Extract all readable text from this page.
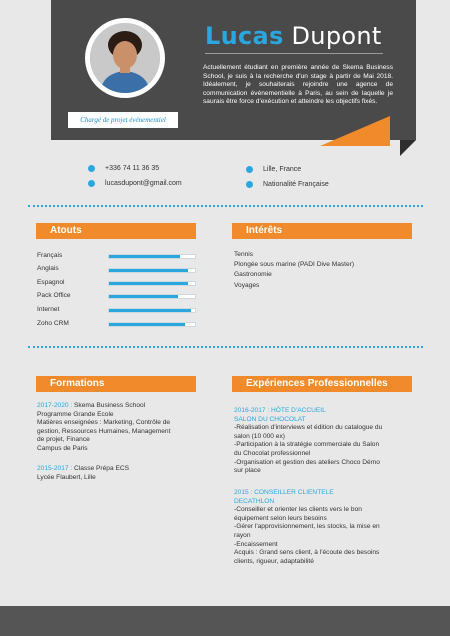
Chargé de projet événementiel
Lucas Dupont
Actuellement étudiant en première année de Skema Business School, je suis à la recherche d'un stage à partir de Mai 2018. Idéalement, je souhaiterais rejoindre une agence de communication événementielle à Paris, au sein de laquelle je saurais être force d'exécution et atteindre les objectifs fixés.
+336 74 11 36 35
lucasdupont@gmail.com
Lille, France
Nationalité Française
Atouts
Français
Anglais
Espagnol
Pack Office
Internet
Zoho CRM
Intérêts
Tennis
Plongée sous marine (PADI Dive Master)
Gastronomie
Voyages
Formations
2017-2020 : Skema Business School
Programme Grande Ecole
Matières enseignées : Marketing, Contrôle de
gestion, Ressources Humaines, Management
de projet, Finance
Campus de Paris
2015-2017 : Classe Prépa ECS
Lycée Flaubert, Lille
Expériences Professionnelles
2016-2017 : HÔTE D'ACCUEIL
SALON DU CHOCOLAT
-Réalisation d'interviews et édition du catalogue du
salon (10 000 ex)
-Participation à la stratégie commerciale du Salon
du Chocolat professionnel
-Organisation et gestion des ateliers Choco Démo
sur place
2015 : CONSEILLER CLIENTELE
DECATHLON
-Conseiller et orienter les clients vers le bon
équipement selon leurs besoins
-Gérer l'approvisionnement, les stocks, la mise en
rayon
-Encaissement
Acquis : Grand sens client, à l'écoute des besoins
clients, rigueur, adaptabilité
